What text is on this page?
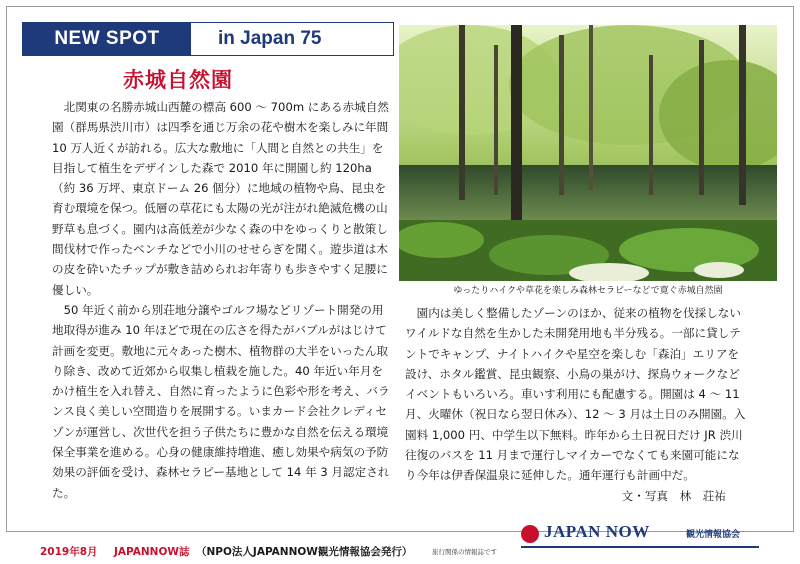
NEW SPOT	in Japan 75
赤城自然園

北関東の名勝赤城山西麓の標高 600 ～ 700m にある赤城自然園（群馬県渋川市）は四季を通じ万余の花や樹木を楽しみに年間 10 万人近くが訪れる。広大な敷地に「人間と自然との共生」を目指して植生をデザインした森で 2010 年に開園し約 120ha（約 36 万坪、東京ドーム 26 個分）に地域の植物や鳥、昆虫を育む環境を保つ。低層の草花にも太陽の光が注がれ絶滅危機の山野草も息づく。園内は高低差が少なく森の中をゆっくりと散策し間伐材で作ったベンチなどで小川のせせらぎを聞く。遊歩道は木の皮を砕いたチップが敷き詰められお年寄りも歩きやすく足腰に優しい。

50 年近く前から別荘地分譲やゴルフ場などリゾート開発の用地取得が進み 10 年ほどで現在の広さを得たがバブルがはじけて計画を変更。敷地に元々あった樹木、植物群の大半をいったん取り除き、改めて近郊から収集し植栽を施した。40 年近い年月をかけ植生を入れ替え、自然に育ったように色彩や形を考え、バランス良く美しい空間造りを展開する。いまカード会社クレディセゾンが運営し、次世代を担う子供たちに豊かな自然を伝える環境保全事業を進める。心身の健康維持増進、癒し効果や病気の予防効果の評価を受け、森林セラピー基地として 14 年 3 月認定された。

ゆったりハイクや草花を楽しみ森林セラピーなどで寛ぐ赤城自然園

園内は美しく整備したゾーンのほか、従来の植物を伐採しないワイルドな自然を生かした未開発用地も半分残る。一部に貸しテントでキャンプ、ナイトハイクや星空を楽しむ「森泊」エリアを設け、ホタル鑑賞、昆虫観察、小鳥の巣がけ、探鳥ウォークなどイベントもいろいろ。車いす利用にも配慮する。開園は 4 ～ 11 月、火曜休（祝日なら翌日休み）、12 ～ 3 月は土日のみ開園。入園料 1,000 円、中学生以下無料。昨年から土日祝日だけ JR 渋川往復のバスを 11 月まで運行しマイカーでなくても来園可能になり今年は伊香保温泉に延伸した。通年運行も計画中だ。

文・写真　林　荘祐
2019年8月 JAPANNOW誌 （NPO法人JAPANNOW観光情報協会発行）	旅行関係の情報誌です
JAPAN NOW	観光情報協会
